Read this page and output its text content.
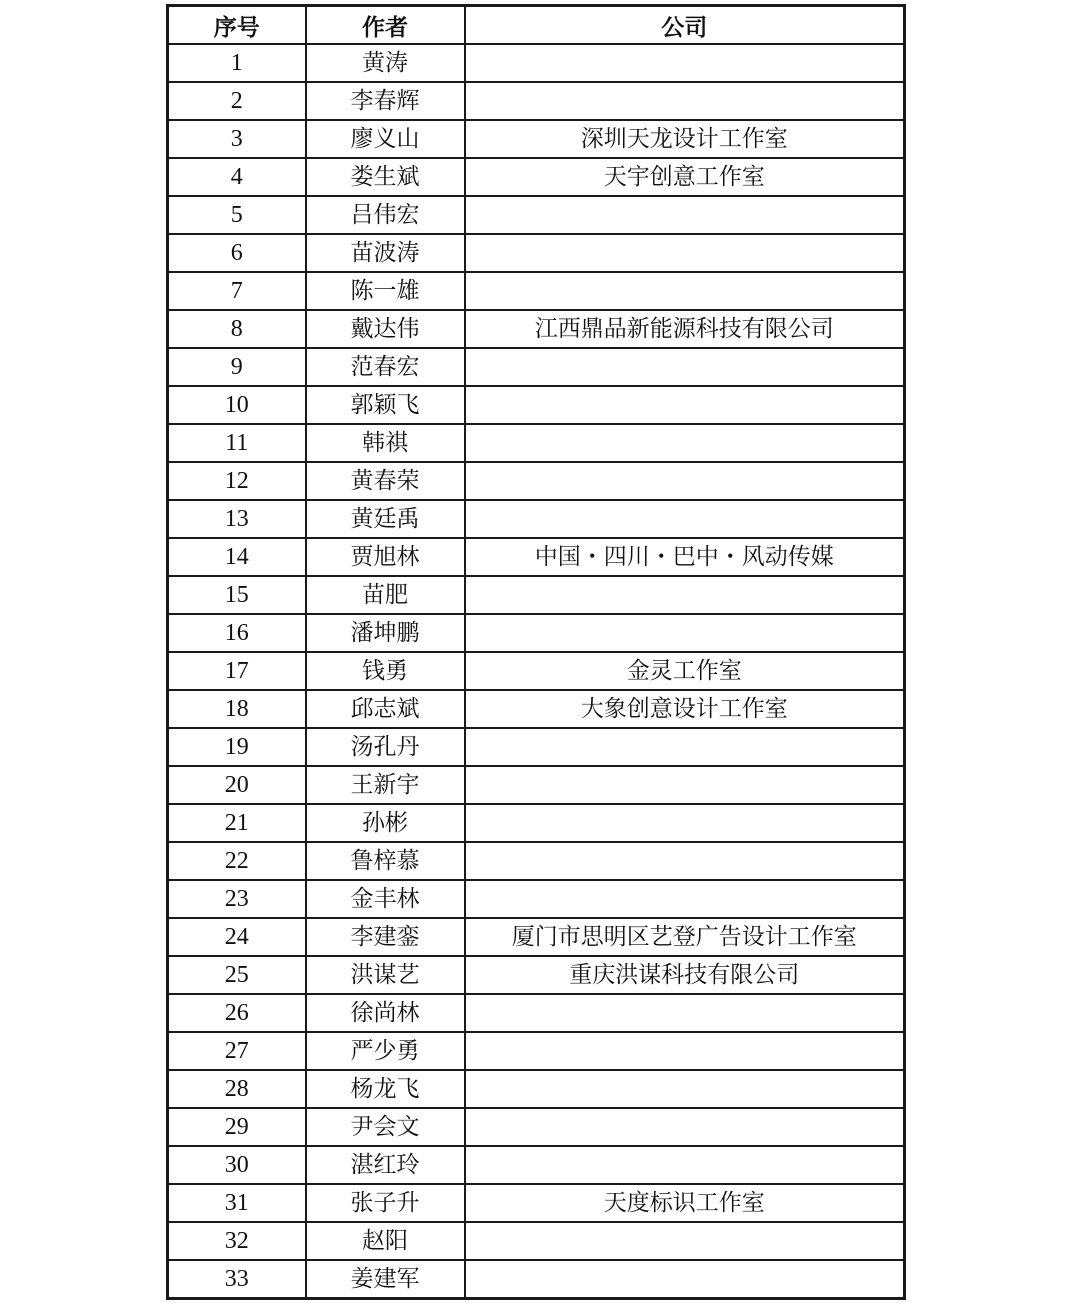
序号	作者	公司
1	黄涛	
2	李春辉	
3	廖义山	深圳天龙设计工作室
4	娄生斌	天宇创意工作室
5	吕伟宏	
6	苗波涛	
7	陈一雄	
8	戴达伟	江西鼎品新能源科技有限公司
9	范春宏	
10	郭颖飞	
11	韩祺	
12	黄春荣	
13	黄廷禹	
14	贾旭林	中国・四川・巴中・风动传媒
15	苗肥	
16	潘坤鹏	
17	钱勇	金灵工作室
18	邱志斌	大象创意设计工作室
19	汤孔丹	
20	王新宇	
21	孙彬	
22	鲁梓慕	
23	金丰林	
24	李建銮	厦门市思明区艺登广告设计工作室
25	洪谋艺	重庆洪谋科技有限公司
26	徐尚林	
27	严少勇	
28	杨龙飞	
29	尹会文	
30	湛红玲	
31	张子升	天度标识工作室
32	赵阳	
33	姜建军	
